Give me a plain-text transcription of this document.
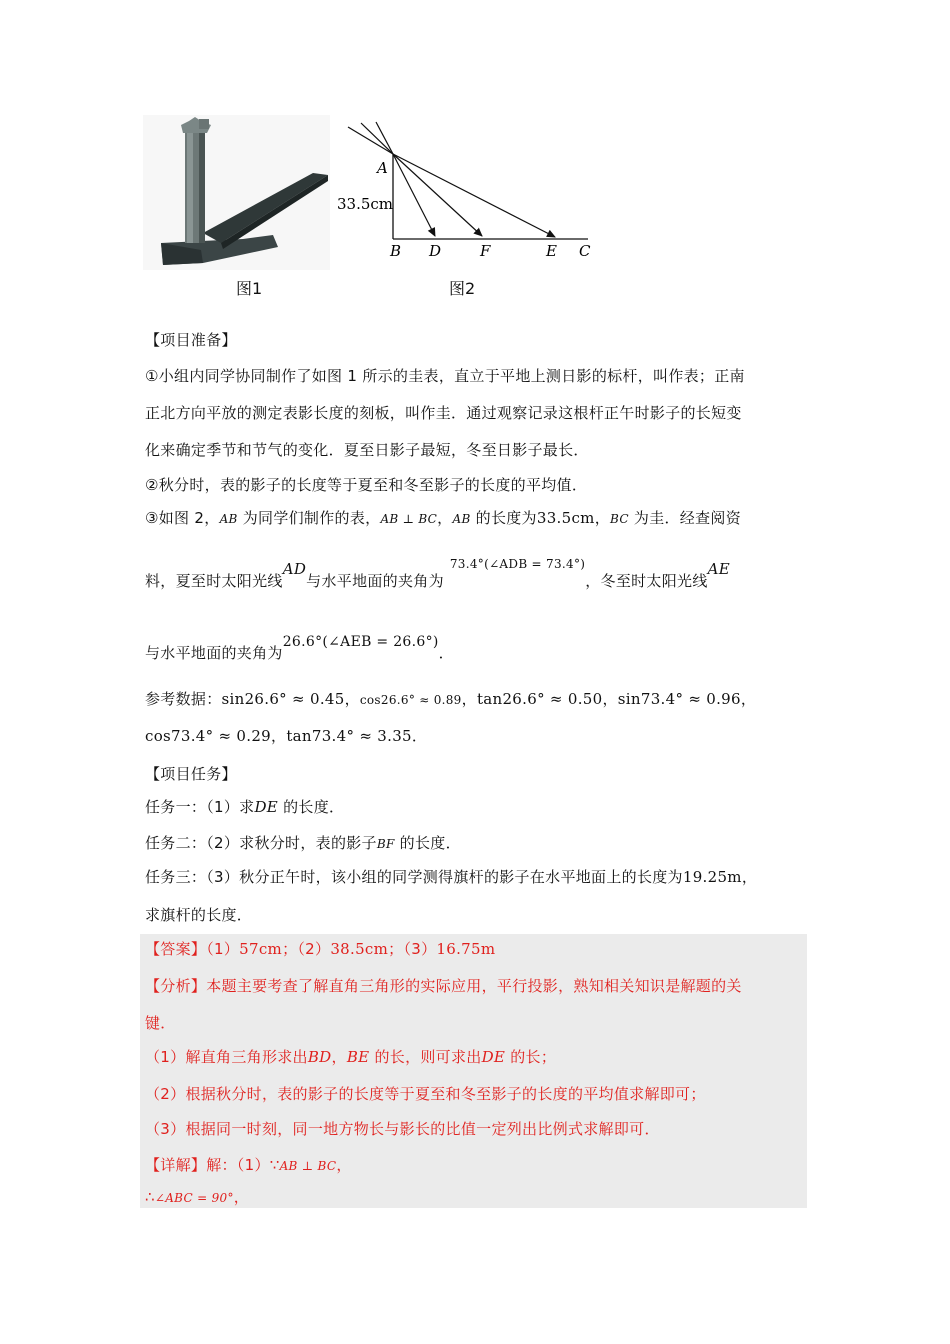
图1
A
33.5cm
B D	F	E C
图2
【项目准备】
①小组内同学协同制作了如图 1 所示的圭表，直立于平地上测日影的标杆，叫作表；正南
正北方向平放的测定表影长度的刻板，叫作圭．通过观察记录这根杆正午时影子的长短变
化来确定季节和节气的变化．夏至日影子最短，冬至日影子最长．
②秋分时，表的影子的长度等于夏至和冬至影子的长度的平均值．
③如图 2，AB 为同学们制作的表，AB ⊥ BC，AB 的长度为33.5cm，BC 为圭．经查阅资
料，夏至时太阳光线AD与水平地面的夹角为$^{73.4^\circ(\angle ADB = 73.4^\circ)}$，冬至时太阳光线AE
与水平地面的夹角为26.6°(∠AEB = 26.6°)．
参考数据：sin26.6° ≈ 0.45，cos26.6° ≈ 0.89，tan26.6° ≈ 0.50，sin73.4° ≈ 0.96，
cos73.4° ≈ 0.29，tan73.4° ≈ 3.35．
【项目任务】
任务一：（1）求DE 的长度．
任务二：（2）求秋分时，表的影子BF 的长度．
任务三：（3）秋分正午时，该小组的同学测得旗杆的影子在水平地面上的长度为19.25m，
求旗杆的长度．
【答案】（1）57cm；（2）38.5cm；（3）16.75m
【分析】本题主要考查了解直角三角形的实际应用，平行投影，熟知相关知识是解题的关
键．
（1）解直角三角形求出BD，BE 的长，则可求出DE 的长；
（2）根据秋分时，表的影子的长度等于夏至和冬至影子的长度的平均值求解即可；
（3）根据同一时刻，同一地方物长与影长的比值一定列出比例式求解即可．
【详解】解：（1）∵AB ⊥ BC，
∴∠ABC = 90°，
